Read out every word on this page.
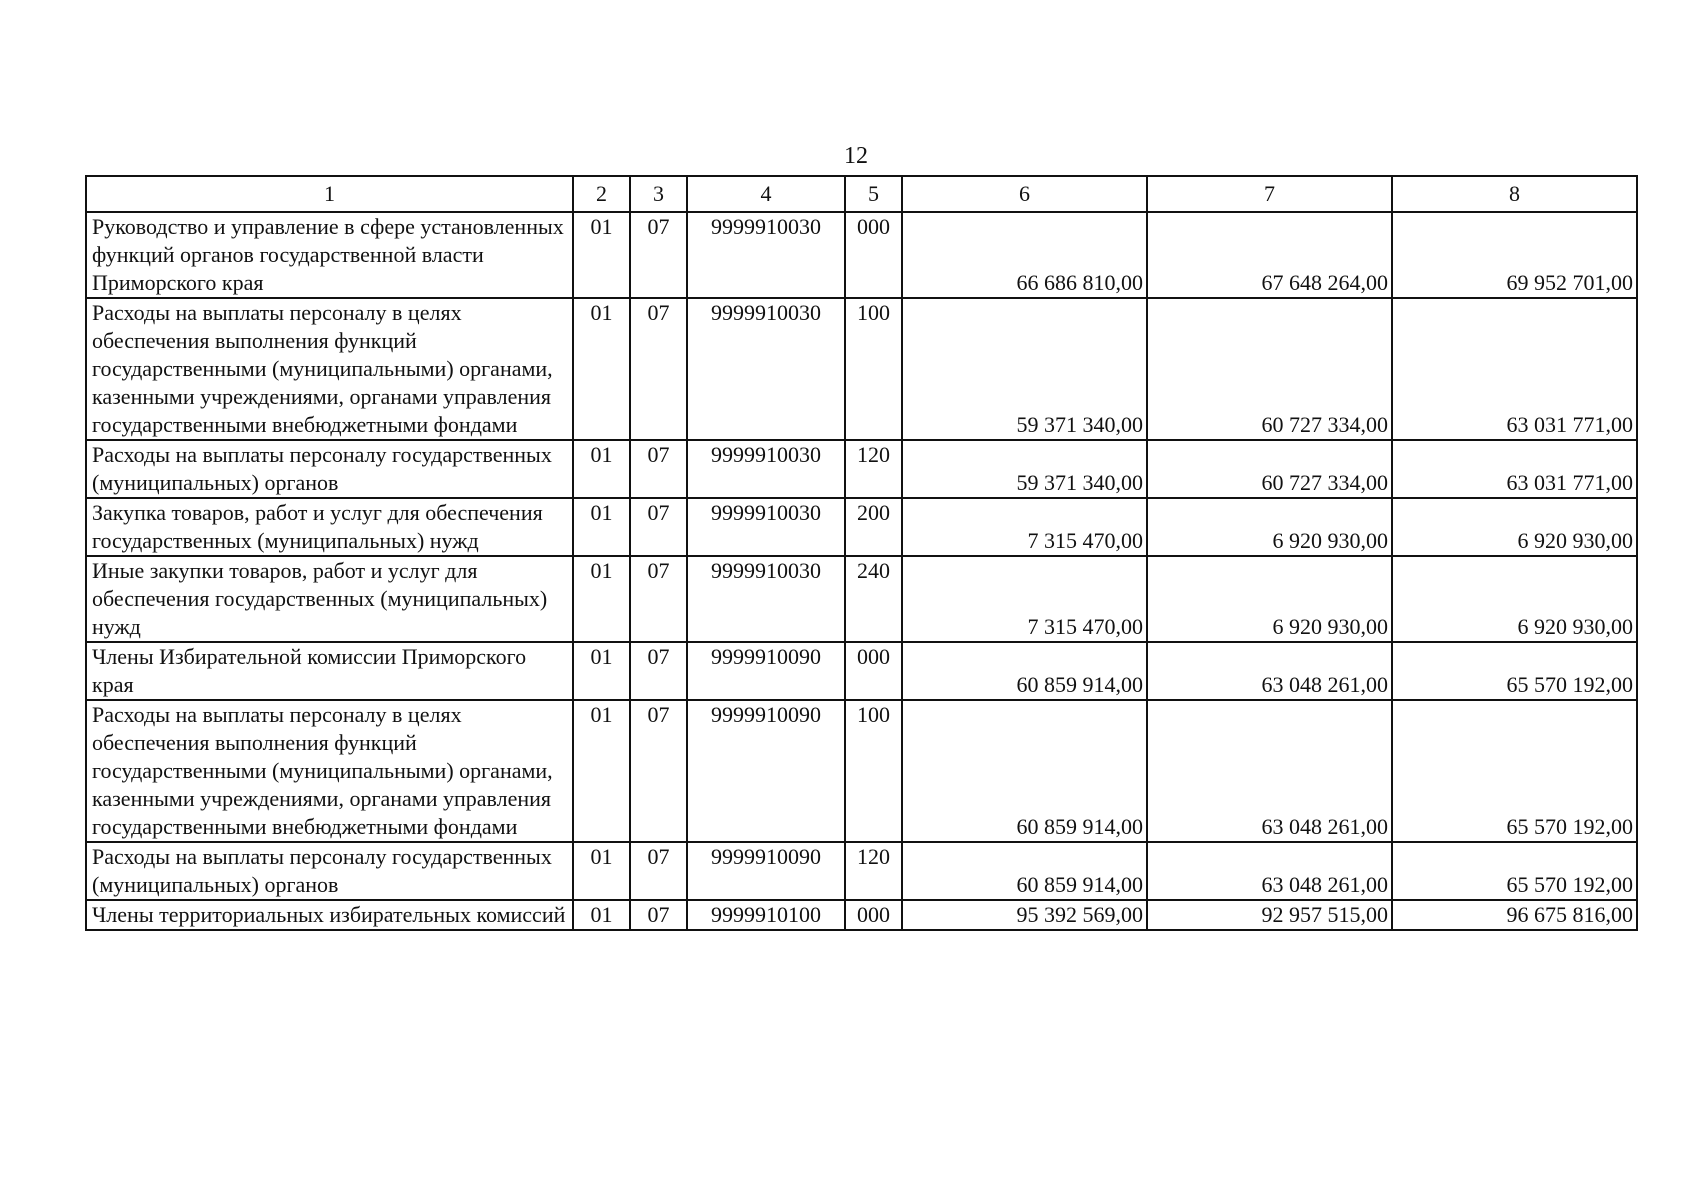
12
1	2	3	4	5	6	7	8
Руководство и управление в сфере установленных функций органов государственной власти Приморского края	01	07	9999910030	000	66 686 810,00	67 648 264,00	69 952 701,00
Расходы на выплаты персоналу в целях обеспечения выполнения функций государственными (муниципальными) органами, казенными учреждениями, органами управления государственными внебюджетными фондами	01	07	9999910030	100	59 371 340,00	60 727 334,00	63 031 771,00
Расходы на выплаты персоналу государственных (муниципальных) органов	01	07	9999910030	120	59 371 340,00	60 727 334,00	63 031 771,00
Закупка товаров, работ и услуг для обеспечения государственных (муниципальных) нужд	01	07	9999910030	200	7 315 470,00	6 920 930,00	6 920 930,00
Иные закупки товаров, работ и услуг для обеспечения государственных (муниципальных) нужд	01	07	9999910030	240	7 315 470,00	6 920 930,00	6 920 930,00
Члены Избирательной комиссии Приморского края	01	07	9999910090	000	60 859 914,00	63 048 261,00	65 570 192,00
Расходы на выплаты персоналу в целях обеспечения выполнения функций государственными (муниципальными) органами, казенными учреждениями, органами управления государственными внебюджетными фондами	01	07	9999910090	100	60 859 914,00	63 048 261,00	65 570 192,00
Расходы на выплаты персоналу государственных (муниципальных) органов	01	07	9999910090	120	60 859 914,00	63 048 261,00	65 570 192,00
Члены территориальных избирательных комиссий	01	07	9999910100	000	95 392 569,00	92 957 515,00	96 675 816,00
